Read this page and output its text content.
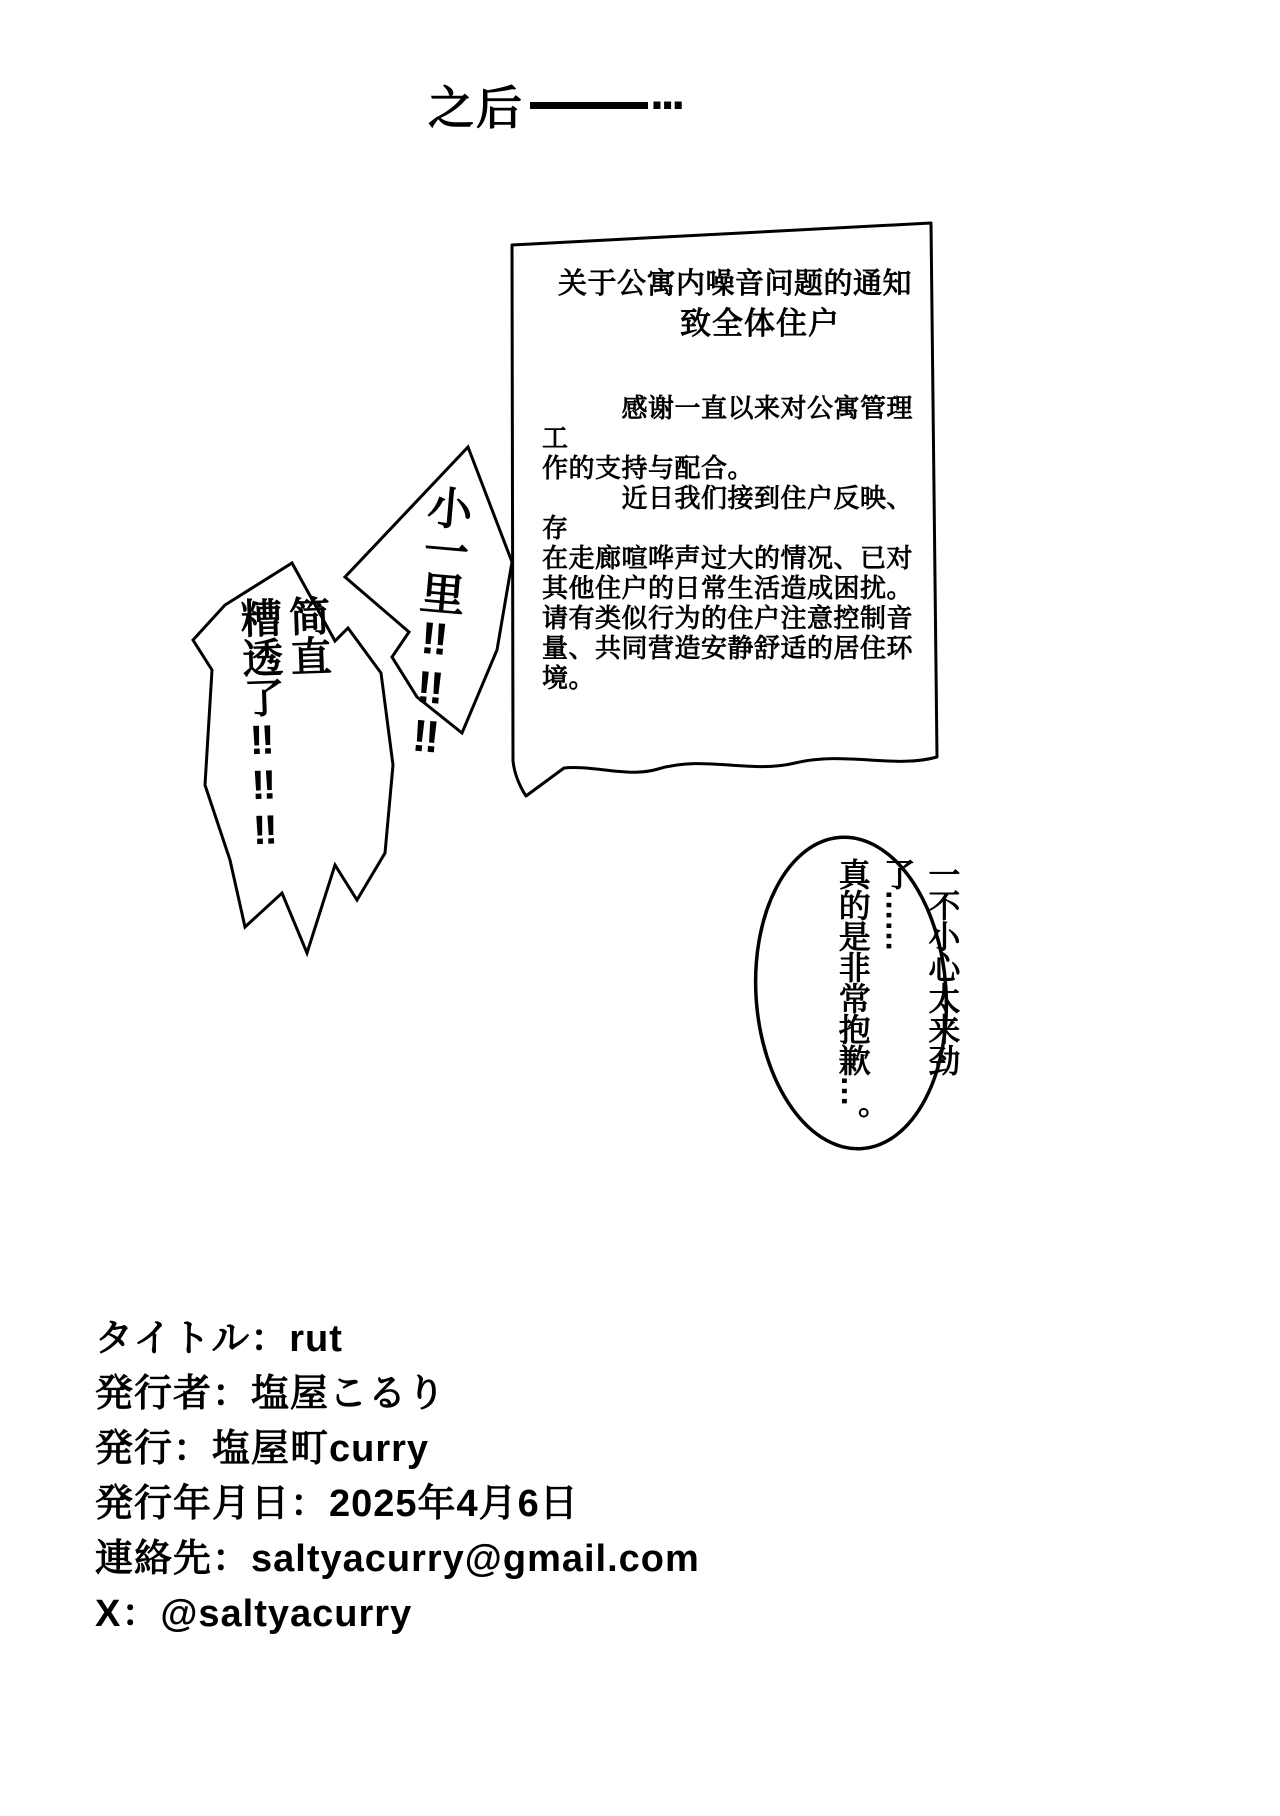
之后	···
关于公寓内噪音问题的通知
致全体住户
　　　感谢一直以来对公寓管理工
作的支持与配合。
　　　近日我们接到住户反映、存
在走廊喧哗声过大的情况、已对
其他住户的日常生活造成困扰。
请有类似行为的住户注意控制音
量、共同营造安静舒适的居住环
境。
小一里‼‼‼
简直
糟透了‼‼‼
一不小心太来劲了……
真的是非常抱歉…。
タイトル：rut
発行者：塩屋こるり
発行：塩屋町curry
発行年月日：2025年4月6日
連絡先：saltyacurry@gmail.com
X：@saltyacurry
